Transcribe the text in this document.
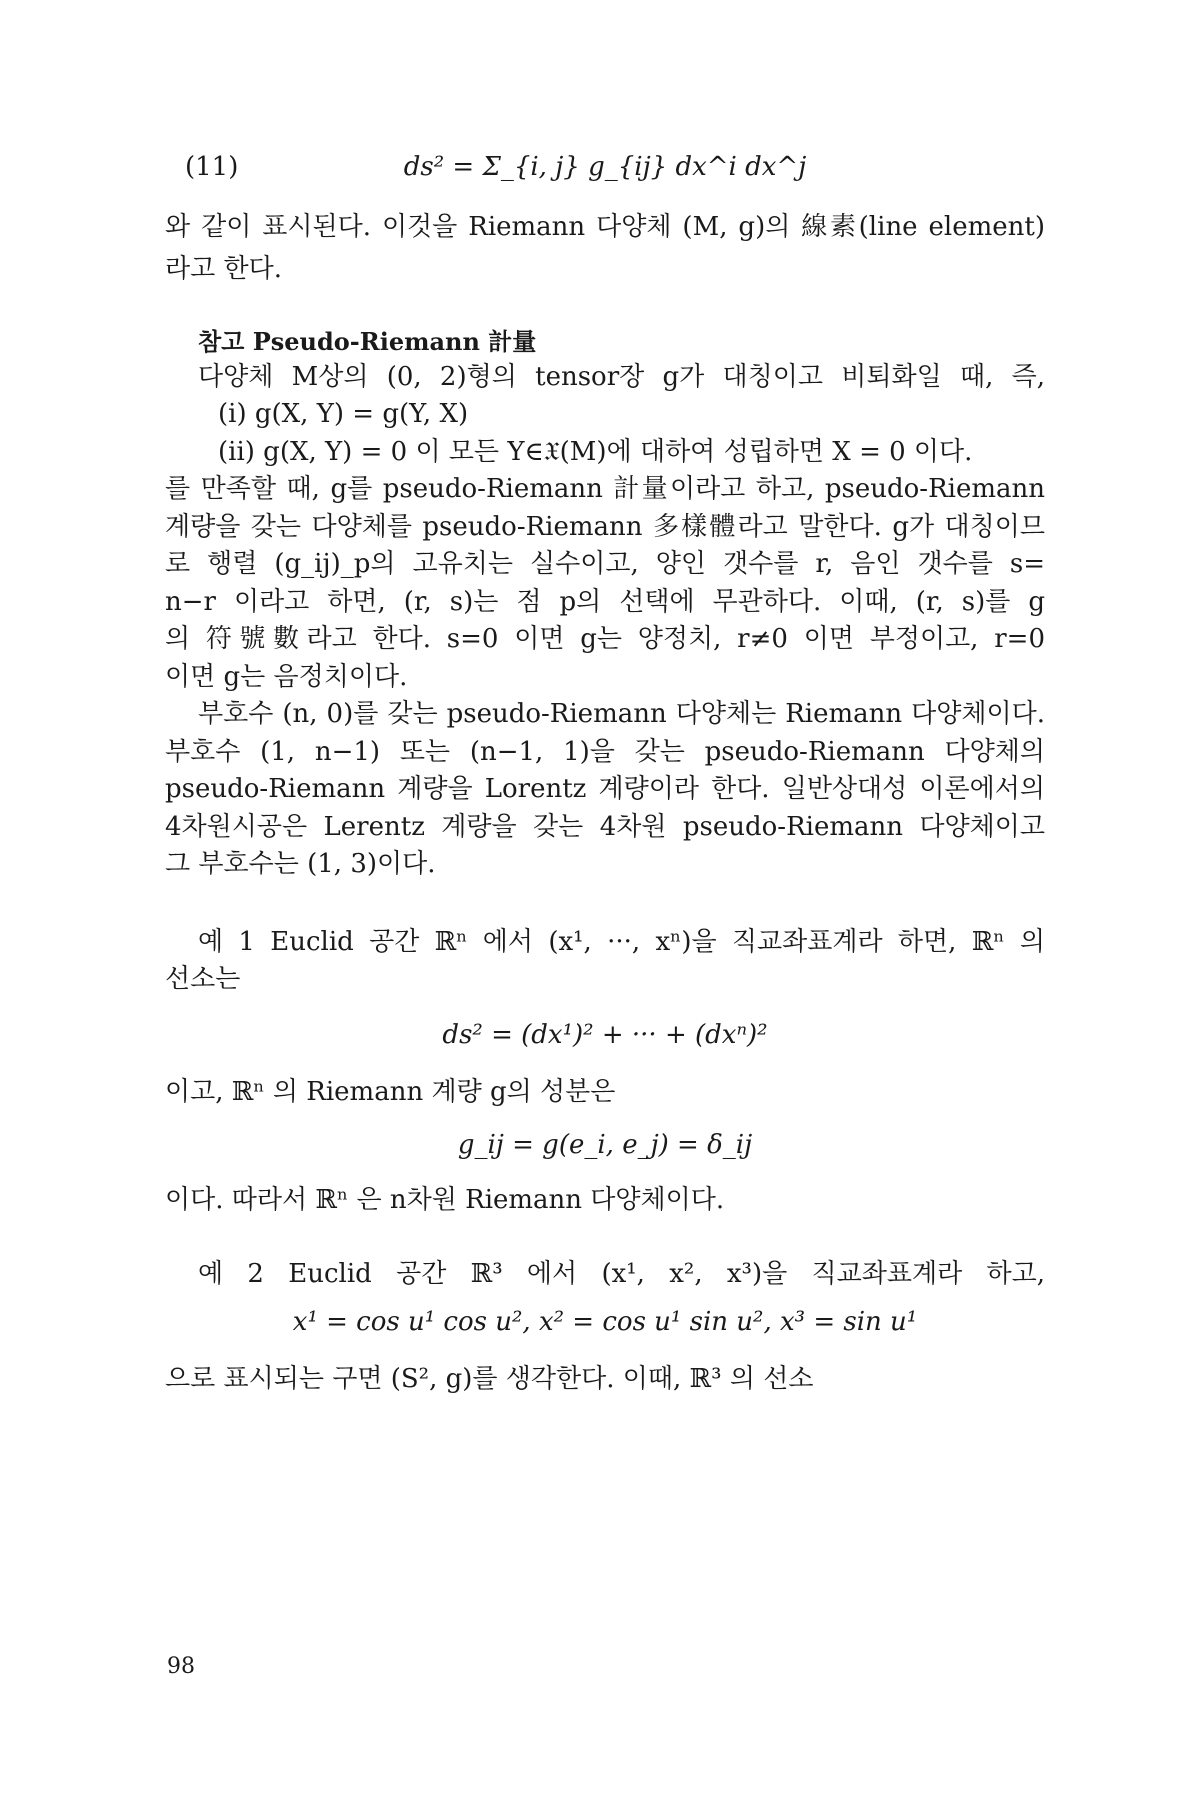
(11)	ds² = Σ_{i, j} g_{ij} dx^i dx^j
와 같이 표시된다. 이것을 Riemann 다양체 (M, g)의 線素(line element)
라고 한다.
참고 Pseudo-Riemann 計量
다양체 M상의 (0, 2)형의 tensor장 g가 대칭이고 비퇴화일 때, 즉,
(i) g(X, Y) = g(Y, X)
(ii) g(X, Y) = 0 이 모든 Y∈𝔛(M)에 대하여 성립하면 X = 0 이다.
를 만족할 때, g를 pseudo-Riemann 計量이라고 하고, pseudo-Riemann
계량을 갖는 다양체를 pseudo-Riemann 多樣體라고 말한다. g가 대칭이므
로 행렬 (g_ij)_p의 고유치는 실수이고, 양인 갯수를 r, 음인 갯수를 s=
n−r 이라고 하면, (r, s)는 점 p의 선택에 무관하다. 이때, (r, s)를 g
의 符號數라고 한다. s=0 이면 g는 양정치, r≠0 이면 부정이고, r=0
이면 g는 음정치이다.
부호수 (n, 0)를 갖는 pseudo-Riemann 다양체는 Riemann 다양체이다.
부호수 (1, n−1) 또는 (n−1, 1)을 갖는 pseudo-Riemann 다양체의
pseudo-Riemann 계량을 Lorentz 계량이라 한다. 일반상대성 이론에서의
4차원시공은 Lerentz 계량을 갖는 4차원 pseudo-Riemann 다양체이고
그 부호수는 (1, 3)이다.
예 1 Euclid 공간 ℝⁿ 에서 (x¹, ···, xⁿ)을 직교좌표계라 하면, ℝⁿ 의
선소는
ds² = (dx¹)² + ··· + (dxⁿ)²
이고, ℝⁿ 의 Riemann 계량 g의 성분은
g_ij = g(e_i, e_j) = δ_ij
이다. 따라서 ℝⁿ 은 n차원 Riemann 다양체이다.
예 2 Euclid 공간 ℝ³ 에서 (x¹, x², x³)을 직교좌표계라 하고,
x¹ = cos u¹ cos u², x² = cos u¹ sin u², x³ = sin u¹
으로 표시되는 구면 (S², g)를 생각한다. 이때, ℝ³ 의 선소
98
